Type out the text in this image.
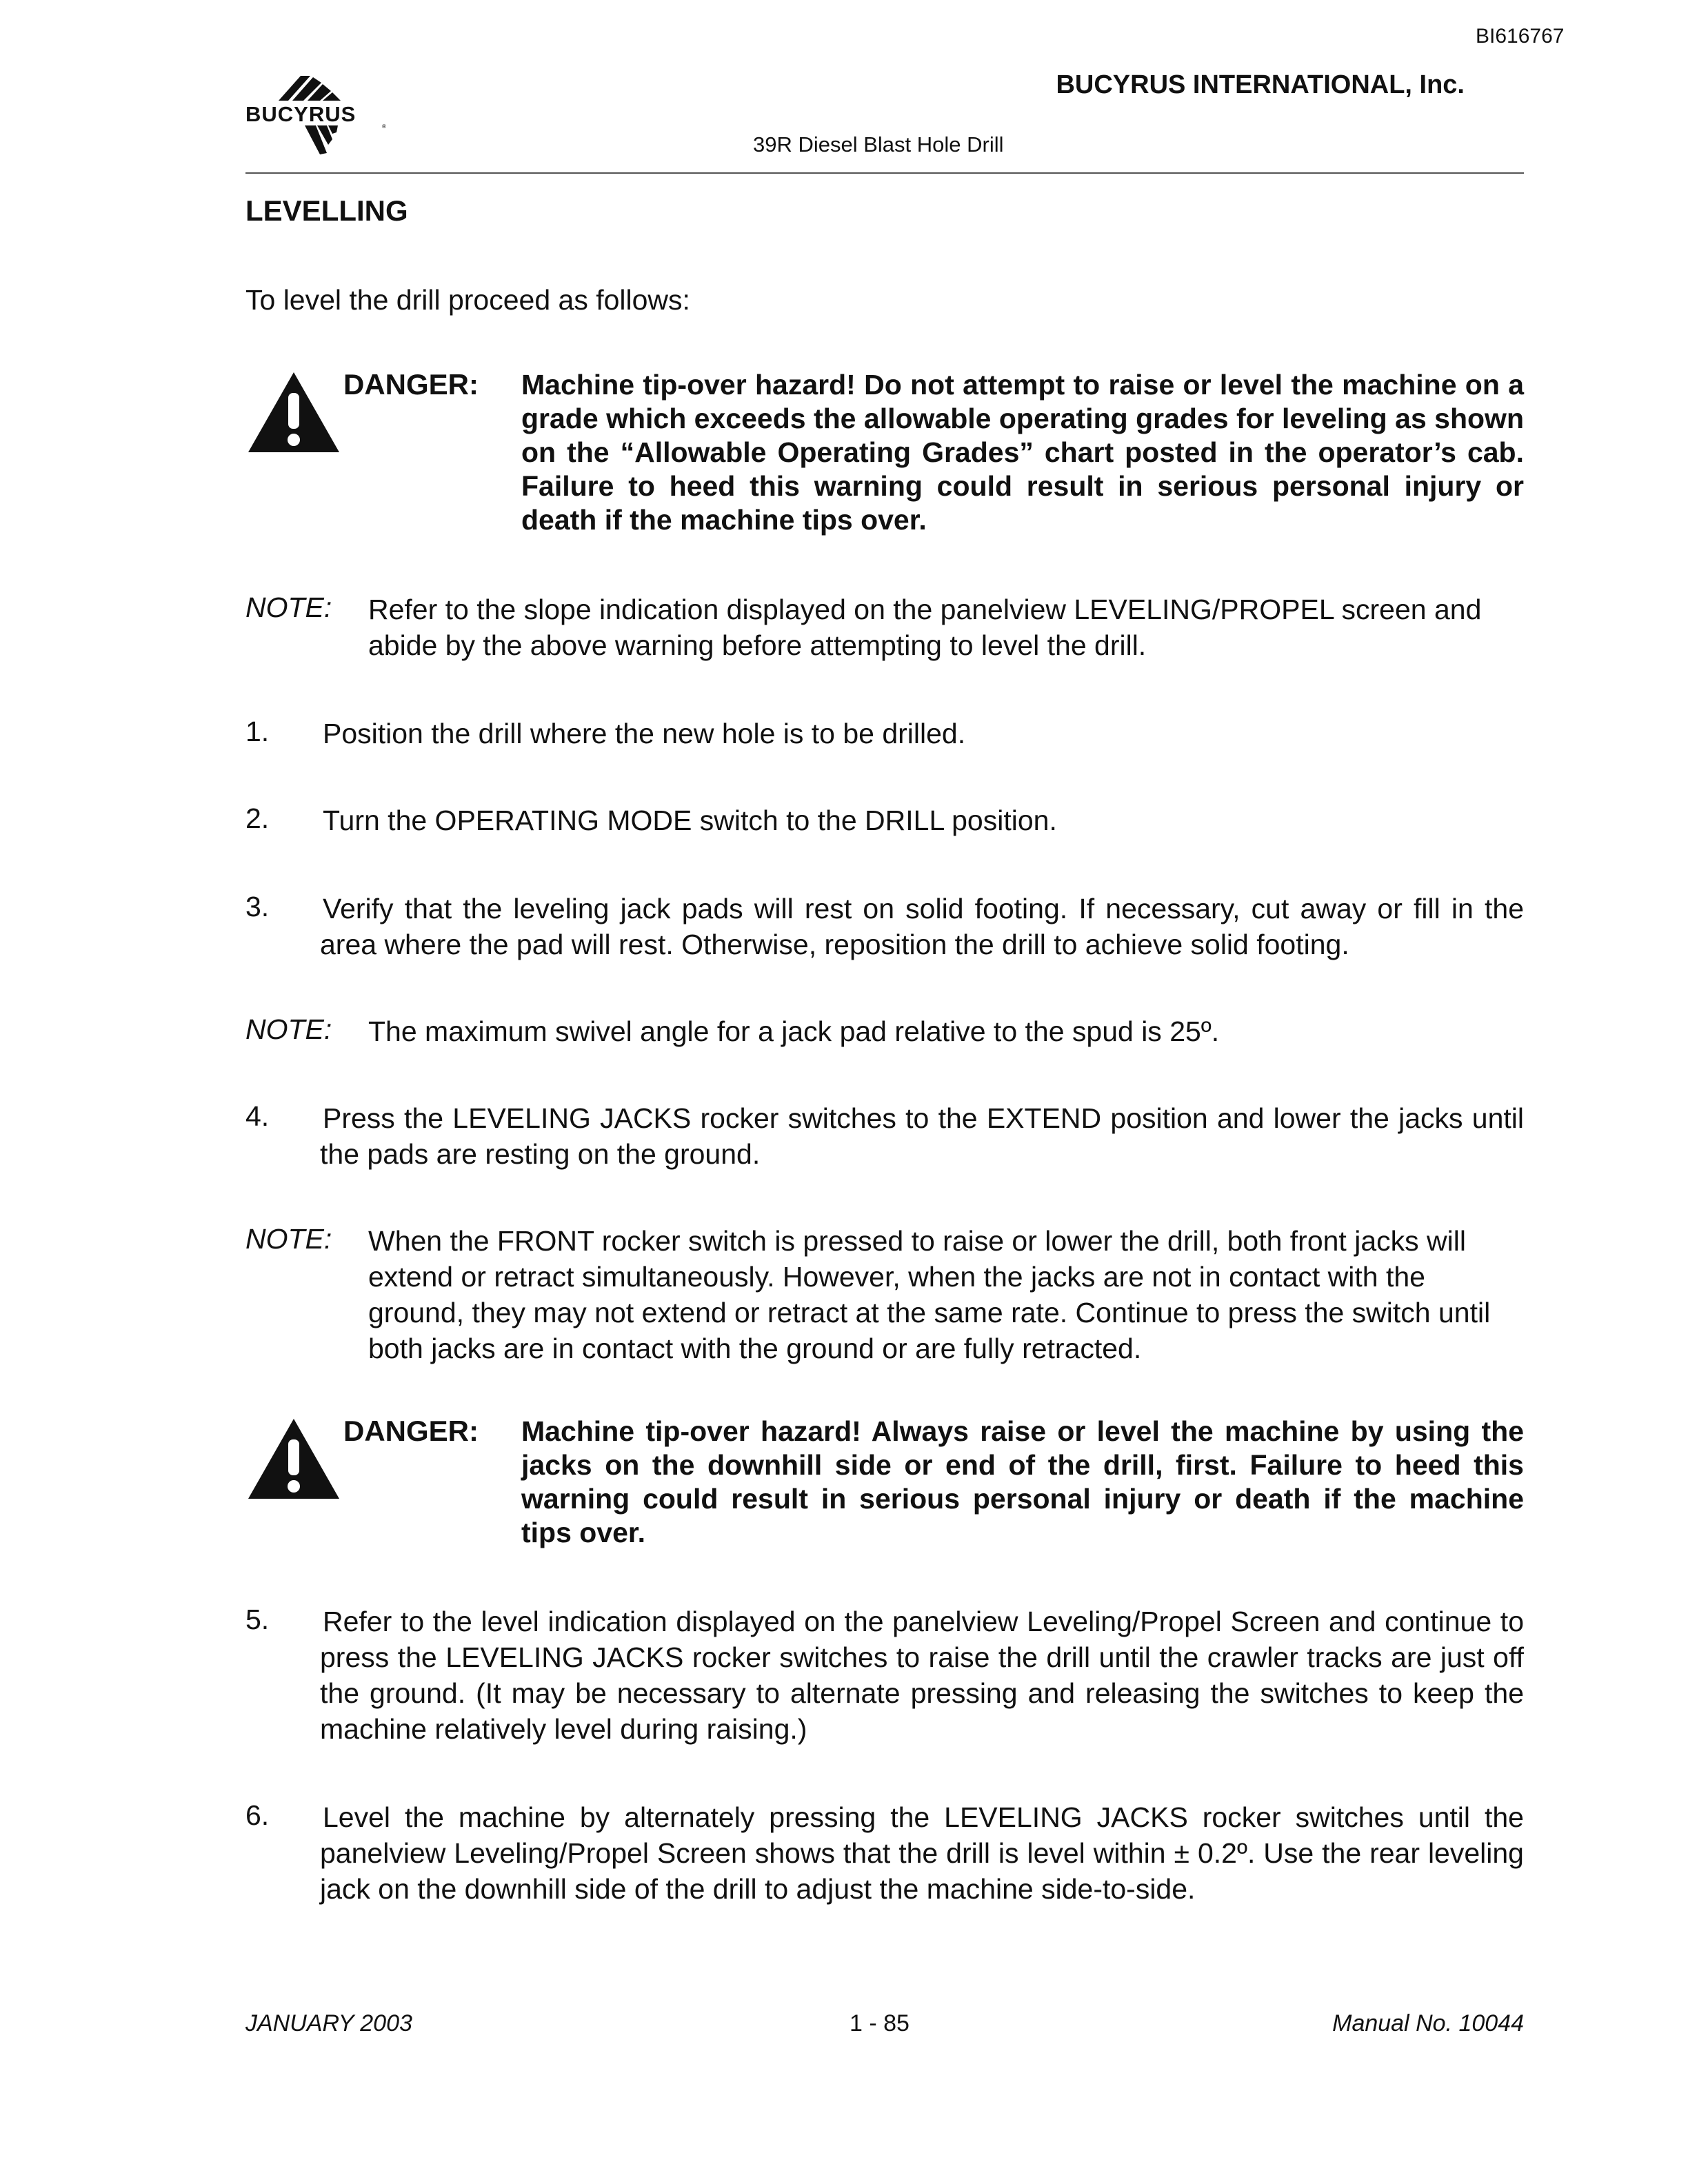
BI616767
BUCYRUS
®
BUCYRUS INTERNATIONAL, Inc.
39R Diesel Blast Hole Drill
LEVELLING
To level the drill proceed as follows:
DANGER: Machine tip-over hazard! Do not attempt to raise or level the machine on a grade which exceeds the allowable operating grades for leveling as shown on the “Allowable Operating Grades” chart posted in the operator’s cab. Failure to heed this warning could result in serious personal injury or death if the machine tips over.

NOTE: Refer to the slope indication displayed on the panelview LEVELING/PROPEL screen and abide by the above warning before attempting to level the drill.

1. Position the drill where the new hole is to be drilled.

2. Turn the OPERATING MODE switch to the DRILL position.

3. Verify that the leveling jack pads will rest on solid footing. If necessary, cut away or fill in the area where the pad will rest. Otherwise, reposition the drill to achieve solid footing.

NOTE: The maximum swivel angle for a jack pad relative to the spud is 25º.

4. Press the LEVELING JACKS rocker switches to the EXTEND position and lower the jacks until the pads are resting on the ground.

NOTE: When the FRONT rocker switch is pressed to raise or lower the drill, both front jacks will extend or retract simultaneously. However, when the jacks are not in contact with the ground, they may not extend or retract at the same rate. Continue to press the switch until both jacks are in contact with the ground or are fully retracted.

DANGER: Machine tip-over hazard! Always raise or level the machine by using the jacks on the downhill side or end of the drill, first. Failure to heed this warning could result in serious personal injury or death if the machine tips over.

5. Refer to the level indication displayed on the panelview Leveling/Propel Screen and continue to press the LEVELING JACKS rocker switches to raise the drill until the crawler tracks are just off the ground. (It may be necessary to alternate pressing and releasing the switches to keep the machine relatively level during raising.)

6. Level the machine by alternately pressing the LEVELING JACKS rocker switches until the panelview Leveling/Propel Screen shows that the drill is level within ± 0.2º. Use the rear leveling jack on the downhill side of the drill to adjust the machine side-to-side.

JANUARY 2003	1 - 85	Manual No. 10044
